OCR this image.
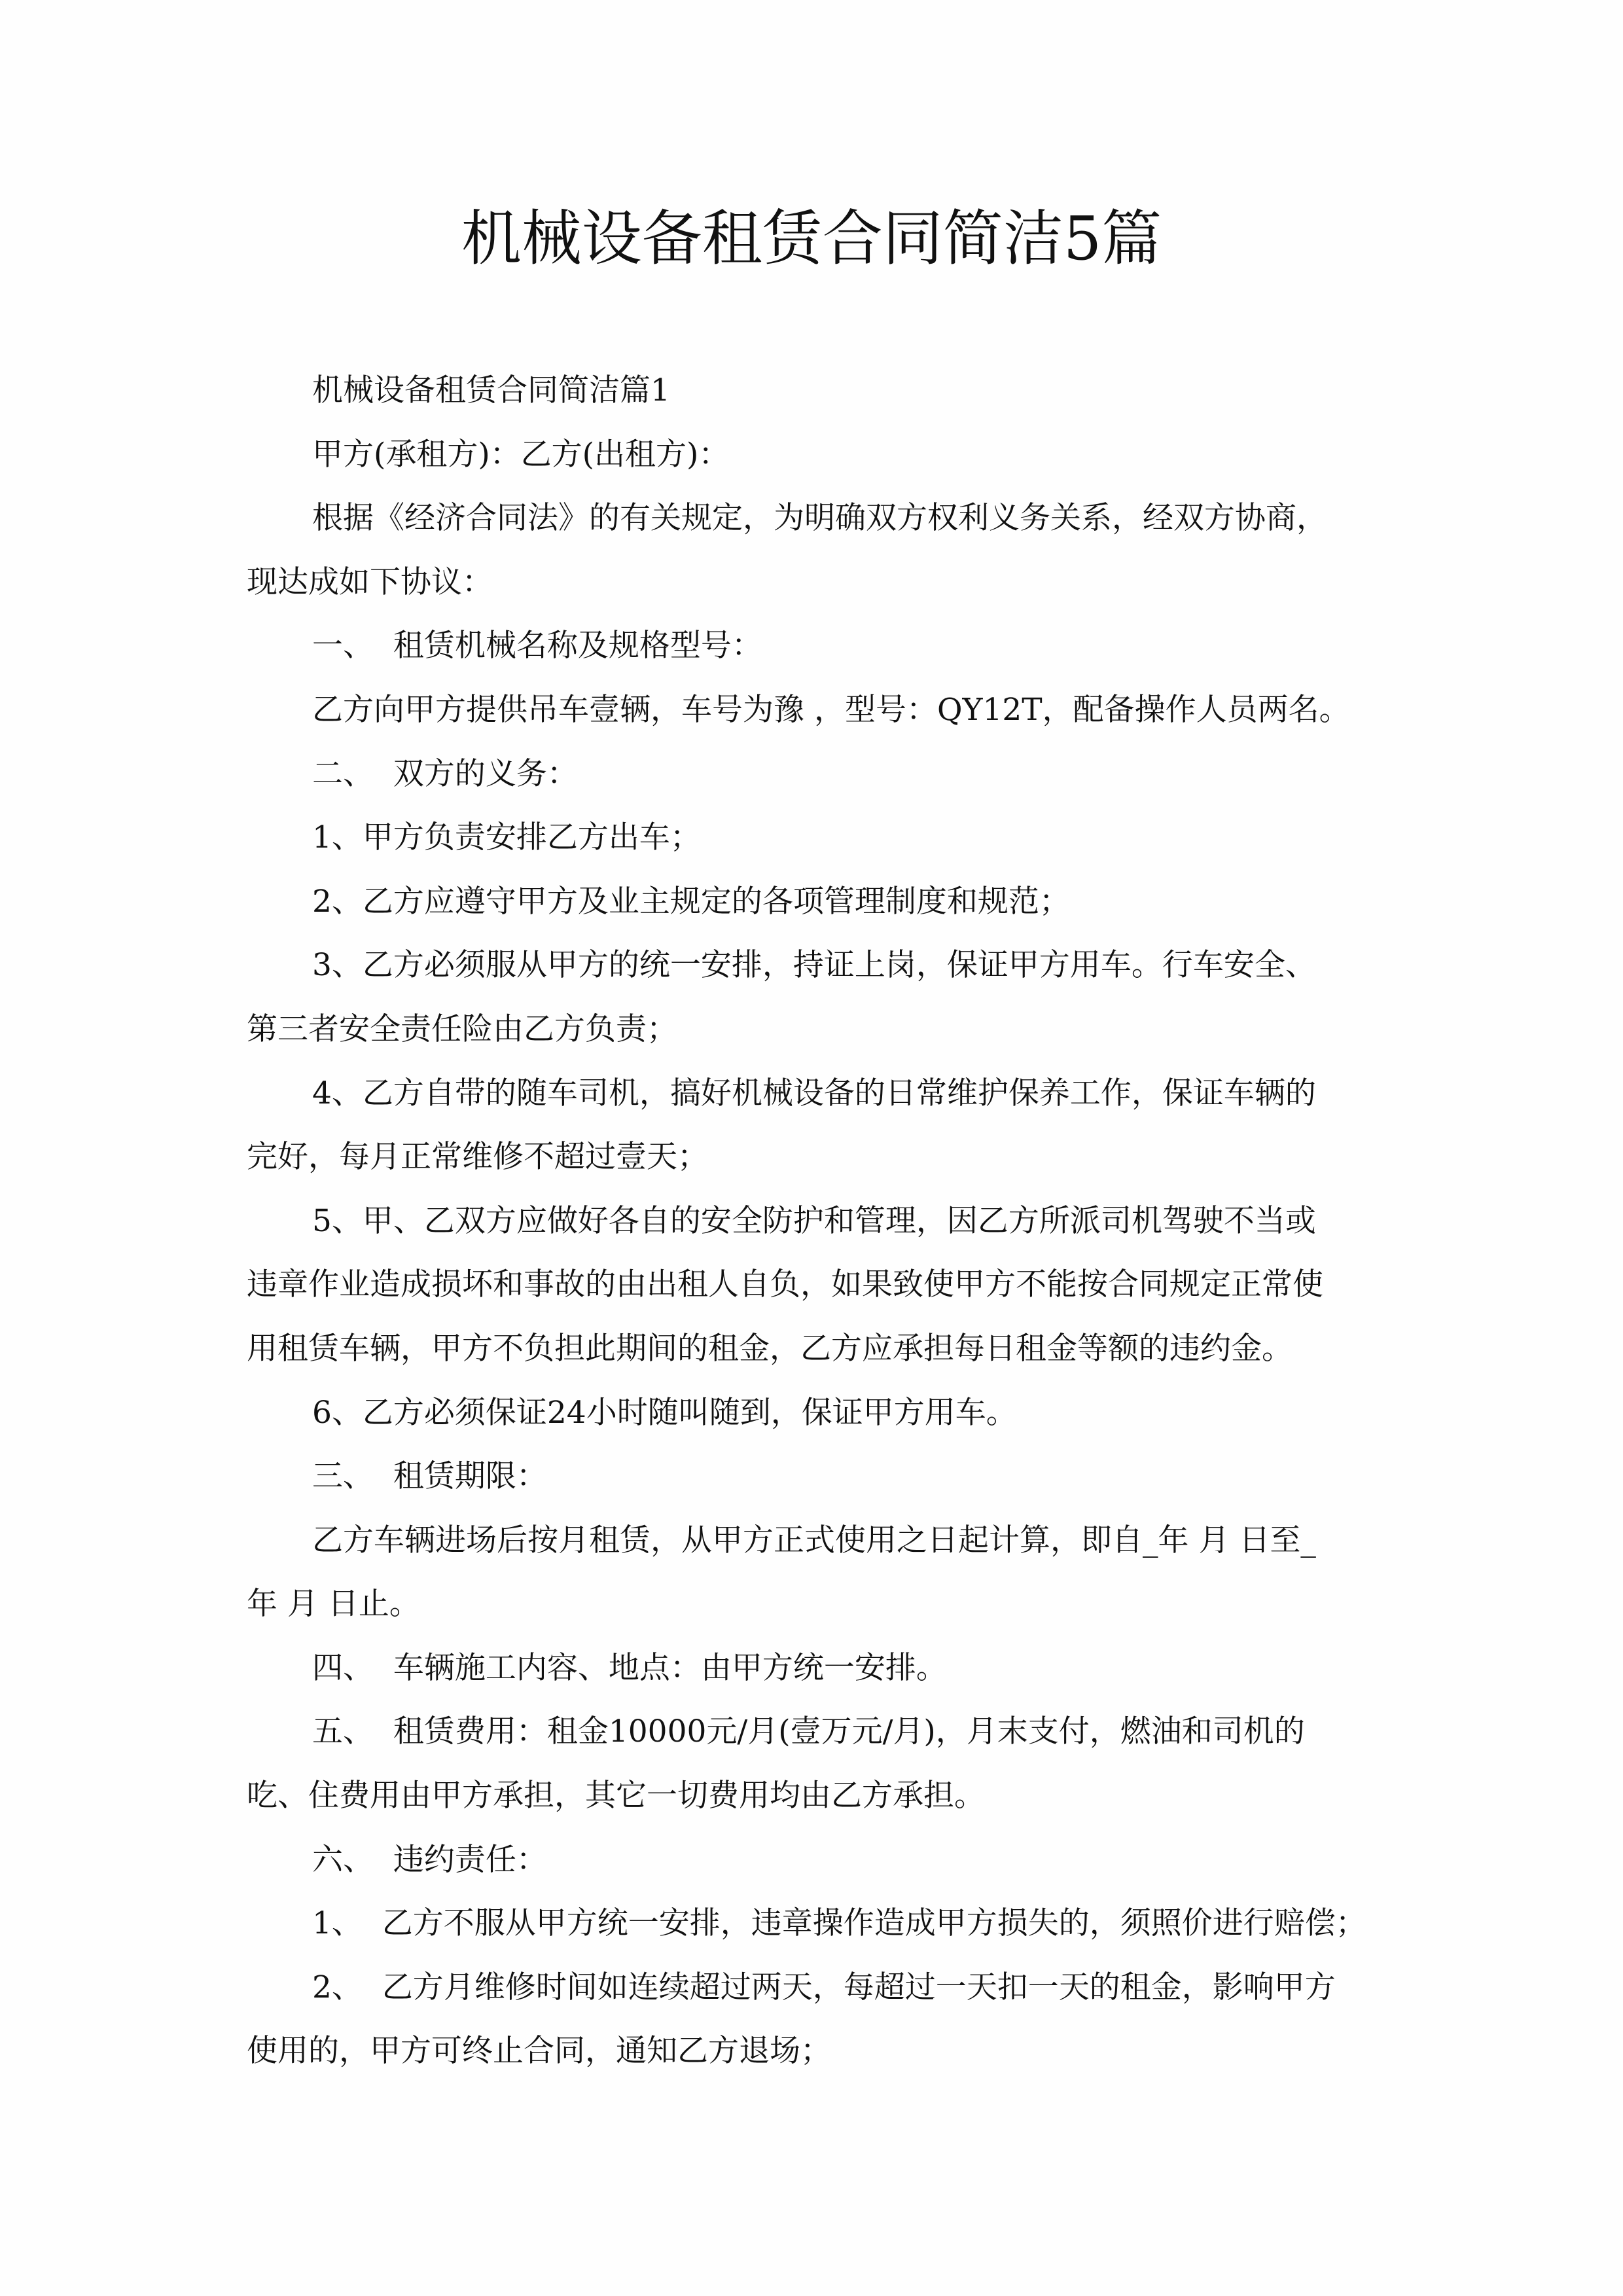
机械设备租赁合同简洁5篇

机械设备租赁合同简洁篇1

甲方(承租方)：乙方(出租方)：

根据《经济合同法》的有关规定，为明确双方权利义务关系，经双方协商，

现达成如下协议：

一、  租赁机械名称及规格型号：

乙方向甲方提供吊车壹辆，车号为豫 ，型号：QY12T，配备操作人员两名。

二、  双方的义务：

1、甲方负责安排乙方出车；

2、乙方应遵守甲方及业主规定的各项管理制度和规范；

3、乙方必须服从甲方的统一安排，持证上岗，保证甲方用车。行车安全、

第三者安全责任险由乙方负责；

4、乙方自带的随车司机，搞好机械设备的日常维护保养工作，保证车辆的

完好，每月正常维修不超过壹天；

5、甲、乙双方应做好各自的安全防护和管理，因乙方所派司机驾驶不当或

违章作业造成损坏和事故的由出租人自负，如果致使甲方不能按合同规定正常使

用租赁车辆，甲方不负担此期间的租金，乙方应承担每日租金等额的违约金。

6、乙方必须保证24小时随叫随到，保证甲方用车。

三、  租赁期限：

乙方车辆进场后按月租赁，从甲方正式使用之日起计算，即自_年 月 日至_

年 月 日止。

四、  车辆施工内容、地点：由甲方统一安排。

五、  租赁费用：租金10000元/月(壹万元/月)，月末支付，燃油和司机的

吃、住费用由甲方承担，其它一切费用均由乙方承担。

六、  违约责任：

1、  乙方不服从甲方统一安排，违章操作造成甲方损失的，须照价进行赔偿；

2、  乙方月维修时间如连续超过两天，每超过一天扣一天的租金，影响甲方

使用的，甲方可终止合同，通知乙方退场；
